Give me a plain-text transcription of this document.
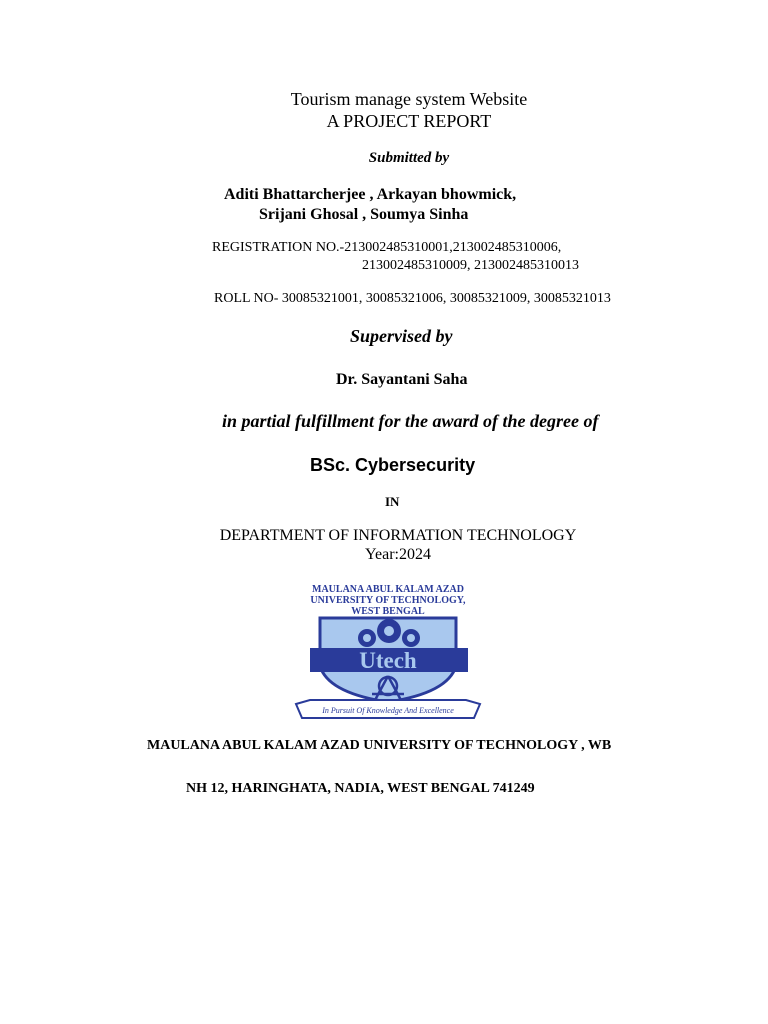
Tourism manage system Website
A PROJECT REPORT
Submitted by
Aditi Bhattarcherjee , Arkayan bhowmick,
Srijani Ghosal , Soumya Sinha
REGISTRATION NO.-213002485310001,213002485310006,
213002485310009, 213002485310013
ROLL NO- 30085321001, 30085321006, 30085321009, 30085321013
Supervised by
Dr. Sayantani Saha
in partial fulfillment for the award of the degree of
BSc. Cybersecurity
IN
DEPARTMENT OF INFORMATION TECHNOLOGY
Year:2024
MAULANA ABUL KALAM AZAD
UNIVERSITY OF TECHNOLOGY,
WEST BENGAL
Utech
In Pursuit Of Knowledge And Excellence
MAULANA ABUL KALAM AZAD UNIVERSITY OF TECHNOLOGY , WB
NH 12, HARINGHATA, NADIA, WEST BENGAL 741249
